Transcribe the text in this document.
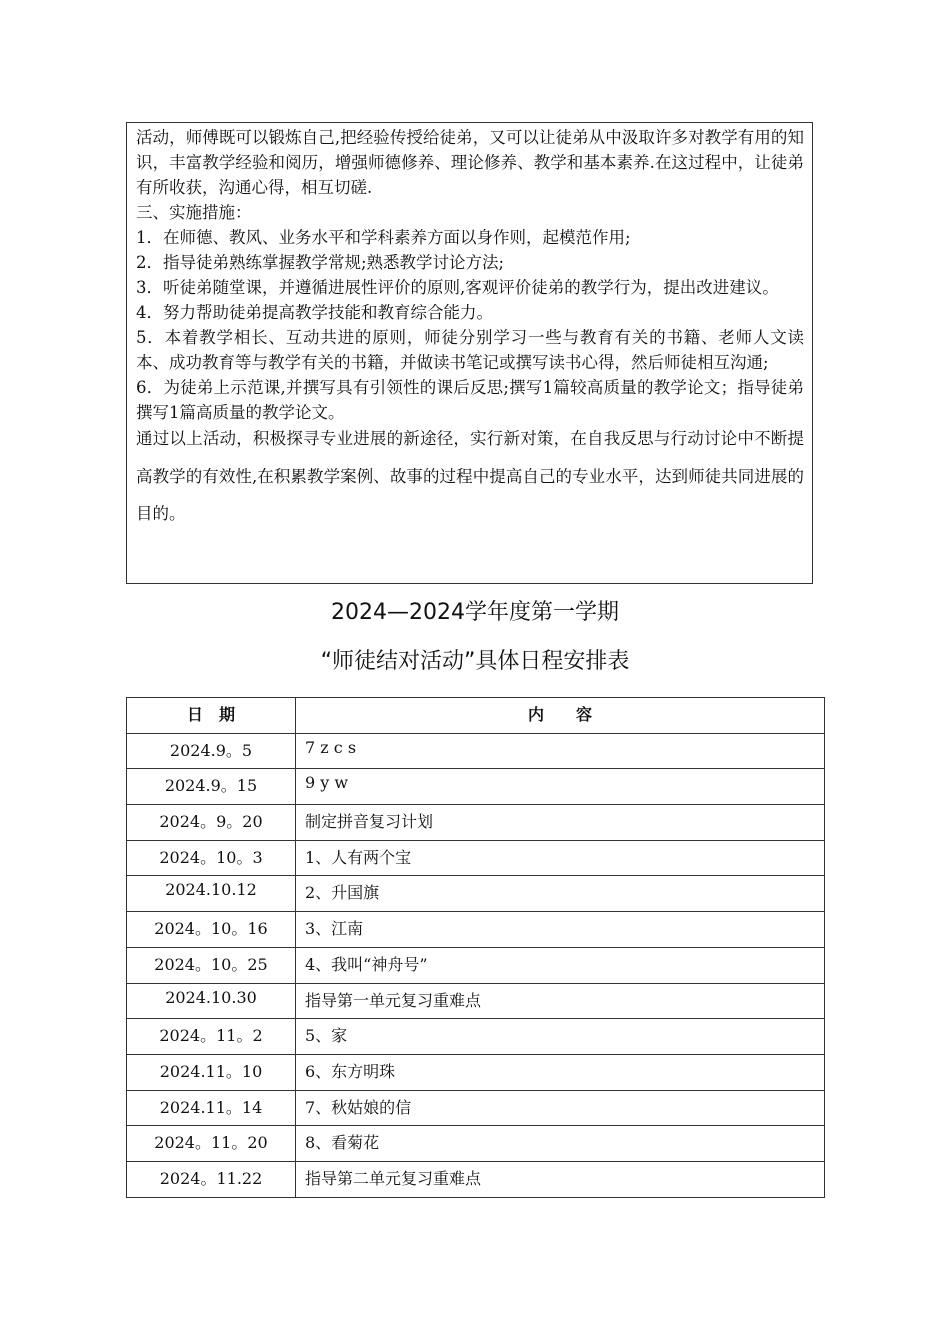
活动，师傅既可以锻炼自己,把经验传授给徒弟，又可以让徒弟从中汲取许多对教学有用的知识，丰富教学经验和阅历，增强师德修养、理论修养、教学和基本素养.在这过程中，让徒弟有所收获，沟通心得，相互切磋.

三、实施措施：

1．在师德、教风、业务水平和学科素养方面以身作则，起模范作用;

2．指导徒弟熟练掌握教学常规;熟悉教学讨论方法;

3．听徒弟随堂课，并遵循进展性评价的原则,客观评价徒弟的教学行为，提出改进建议。

4．努力帮助徒弟提高教学技能和教育综合能力。

5．本着教学相长、互动共进的原则，师徒分别学习一些与教育有关的书籍、老师人文读本、成功教育等与教学有关的书籍，并做读书笔记或撰写读书心得，然后师徒相互沟通;

6．为徒弟上示范课,并撰写具有引领性的课后反思;撰写1篇较高质量的教学论文；指导徒弟撰写1篇高质量的教学论文。

通过以上活动，积极探寻专业进展的新途径，实行新对策，在自我反思与行动讨论中不断提高教学的有效性,在积累教学案例、故事的过程中提高自己的专业水平，达到师徒共同进展的目的。

2024—2024学年度第一学期
“师徒结对活动”具体日程安排表
日　期	内　　容
2024.9。5	7 z c s
2024.9。15	9 y w
2024。9。20	制定拼音复习计划
2024。10。3	1、人有两个宝
2024.10.12	2、升国旗
2024。10。16	3、江南
2024。10。25	4、我叫“神舟号”
2024.10.30	指导第一单元复习重难点
2024。11。2	5、家
2024.11。10	6、东方明珠
2024.11。14	7、秋姑娘的信
2024。11。20	8、看菊花
2024。11.22	指导第二单元复习重难点
